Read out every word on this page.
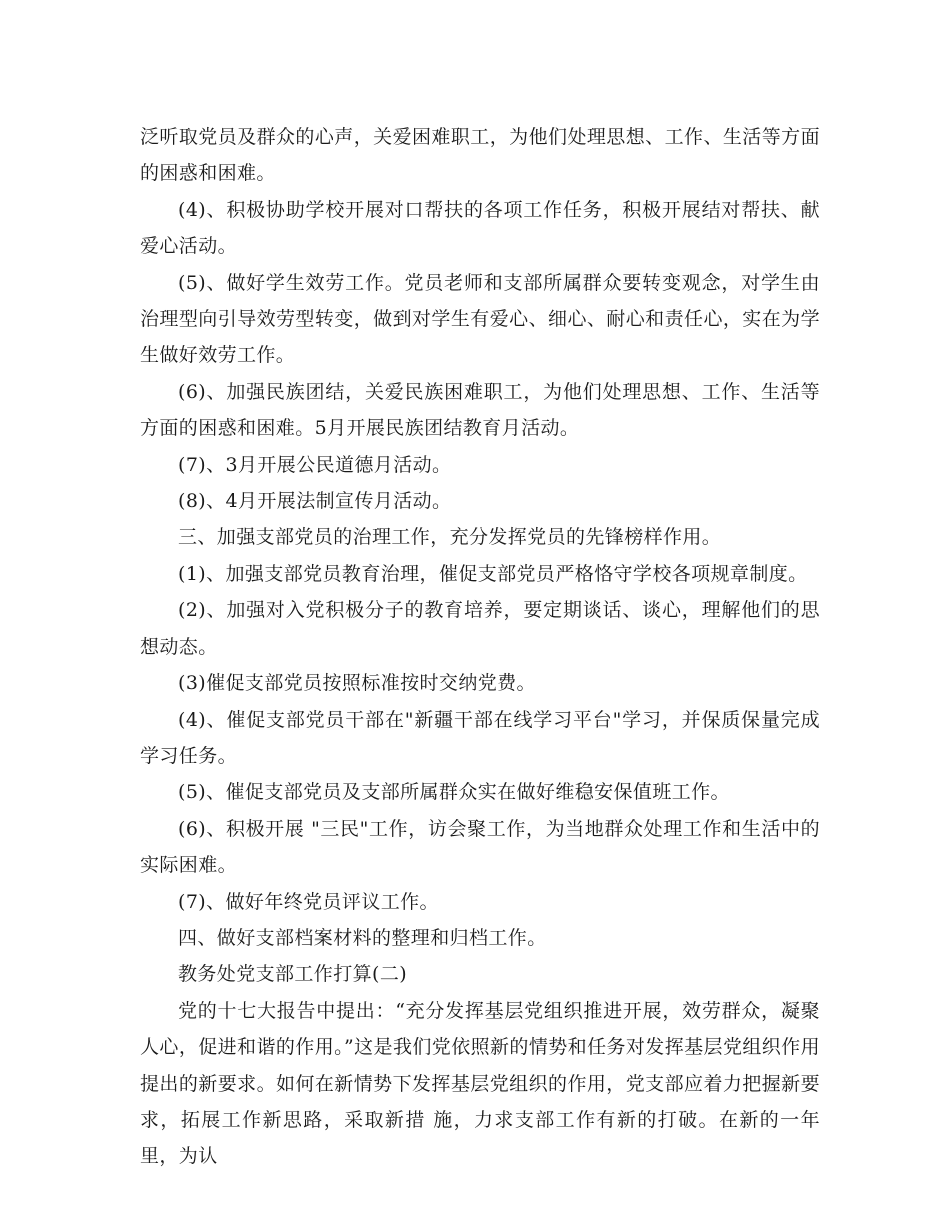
泛听取党员及群众的心声，关爱困难职工，为他们处理思想、工作、生活等方面的困惑和困难。

(4)、积极协助学校开展对口帮扶的各项工作任务，积极开展结对帮扶、献爱心活动。

(5)、做好学生效劳工作。党员老师和支部所属群众要转变观念，对学生由治理型向引导效劳型转变，做到对学生有爱心、细心、耐心和责任心，实在为学生做好效劳工作。

(6)、加强民族团结，关爱民族困难职工，为他们处理思想、工作、生活等方面的困惑和困难。5月开展民族团结教育月活动。

(7)、3月开展公民道德月活动。

(8)、4月开展法制宣传月活动。

三、加强支部党员的治理工作，充分发挥党员的先锋榜样作用。

(1)、加强支部党员教育治理，催促支部党员严格恪守学校各项规章制度。

(2)、加强对入党积极分子的教育培养，要定期谈话、谈心，理解他们的思想动态。

(3)催促支部党员按照标准按时交纳党费。

(4)、催促支部党员干部在"新疆干部在线学习平台"学习，并保质保量完成学习任务。

(5)、催促支部党员及支部所属群众实在做好维稳安保值班工作。

(6)、积极开展 "三民"工作，访会聚工作，为当地群众处理工作和生活中的实际困难。

(7)、做好年终党员评议工作。

四、做好支部档案材料的整理和归档工作。

教务处党支部工作打算(二)

党的十七大报告中提出：“充分发挥基层党组织推进开展，效劳群众，凝聚人心，促进和谐的作用。”这是我们党依照新的情势和任务对发挥基层党组织作用提出的新要求。如何在新情势下发挥基层党组织的作用，党支部应着力把握新要求，拓展工作新思路，采取新措 施，力求支部工作有新的打破。在新的一年里，为认
